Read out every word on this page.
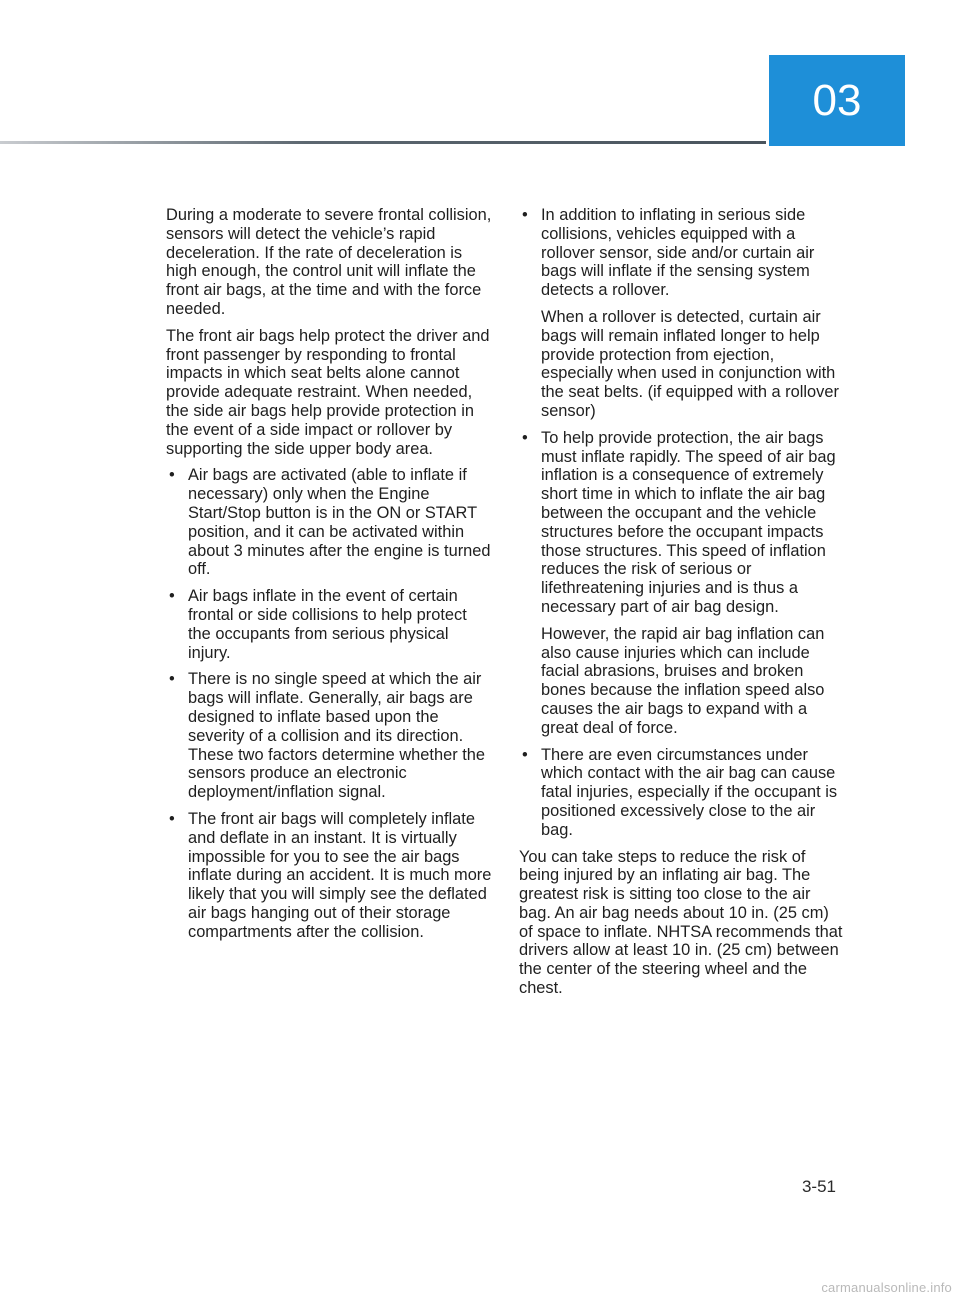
03

During a moderate to severe frontal collision, sensors will detect the vehicle’s rapid deceleration. If the rate of deceleration is high enough, the control unit will inflate the front air bags, at the time and with the force needed.

The front air bags help protect the driver and front passenger by responding to frontal impacts in which seat belts alone cannot provide adequate restraint. When needed, the side air bags help provide protection in the event of a side impact or rollover by supporting the side upper body area.

• Air bags are activated (able to inflate if necessary) only when the Engine Start/Stop button is in the ON or START position, and it can be activated within about 3 minutes after the engine is turned off.
• Air bags inflate in the event of certain frontal or side collisions to help protect the occupants from serious physical injury.
• There is no single speed at which the air bags will inflate. Generally, air bags are designed to inflate based upon the severity of a collision and its direction. These two factors determine whether the sensors produce an electronic deployment/inflation signal.
• The front air bags will completely inflate and deflate in an instant. It is virtually impossible for you to see the air bags inflate during an accident. It is much more likely that you will simply see the deflated air bags hanging out of their storage compartments after the collision.
• In addition to inflating in serious side collisions, vehicles equipped with a rollover sensor, side and/or curtain air bags will inflate if the sensing system detects a rollover.
When a rollover is detected, curtain air bags will remain inflated longer to help provide protection from ejection, especially when used in conjunction with the seat belts. (if equipped with a rollover sensor)
• To help provide protection, the air bags must inflate rapidly. The speed of air bag inflation is a consequence of extremely short time in which to inflate the air bag between the occupant and the vehicle structures before the occupant impacts those structures. This speed of inflation reduces the risk of serious or lifethreatening injuries and is thus a necessary part of air bag design.
However, the rapid air bag inflation can also cause injuries which can include facial abrasions, bruises and broken bones because the inflation speed also causes the air bags to expand with a great deal of force.
• There are even circumstances under which contact with the air bag can cause fatal injuries, especially if the occupant is positioned excessively close to the air bag.

You can take steps to reduce the risk of being injured by an inflating air bag. The greatest risk is sitting too close to the air bag. An air bag needs about 10 in. (25 cm) of space to inflate. NHTSA recommends that drivers allow at least 10 in. (25 cm) between the center of the steering wheel and the chest.

3-51
carmanualsonline.info
